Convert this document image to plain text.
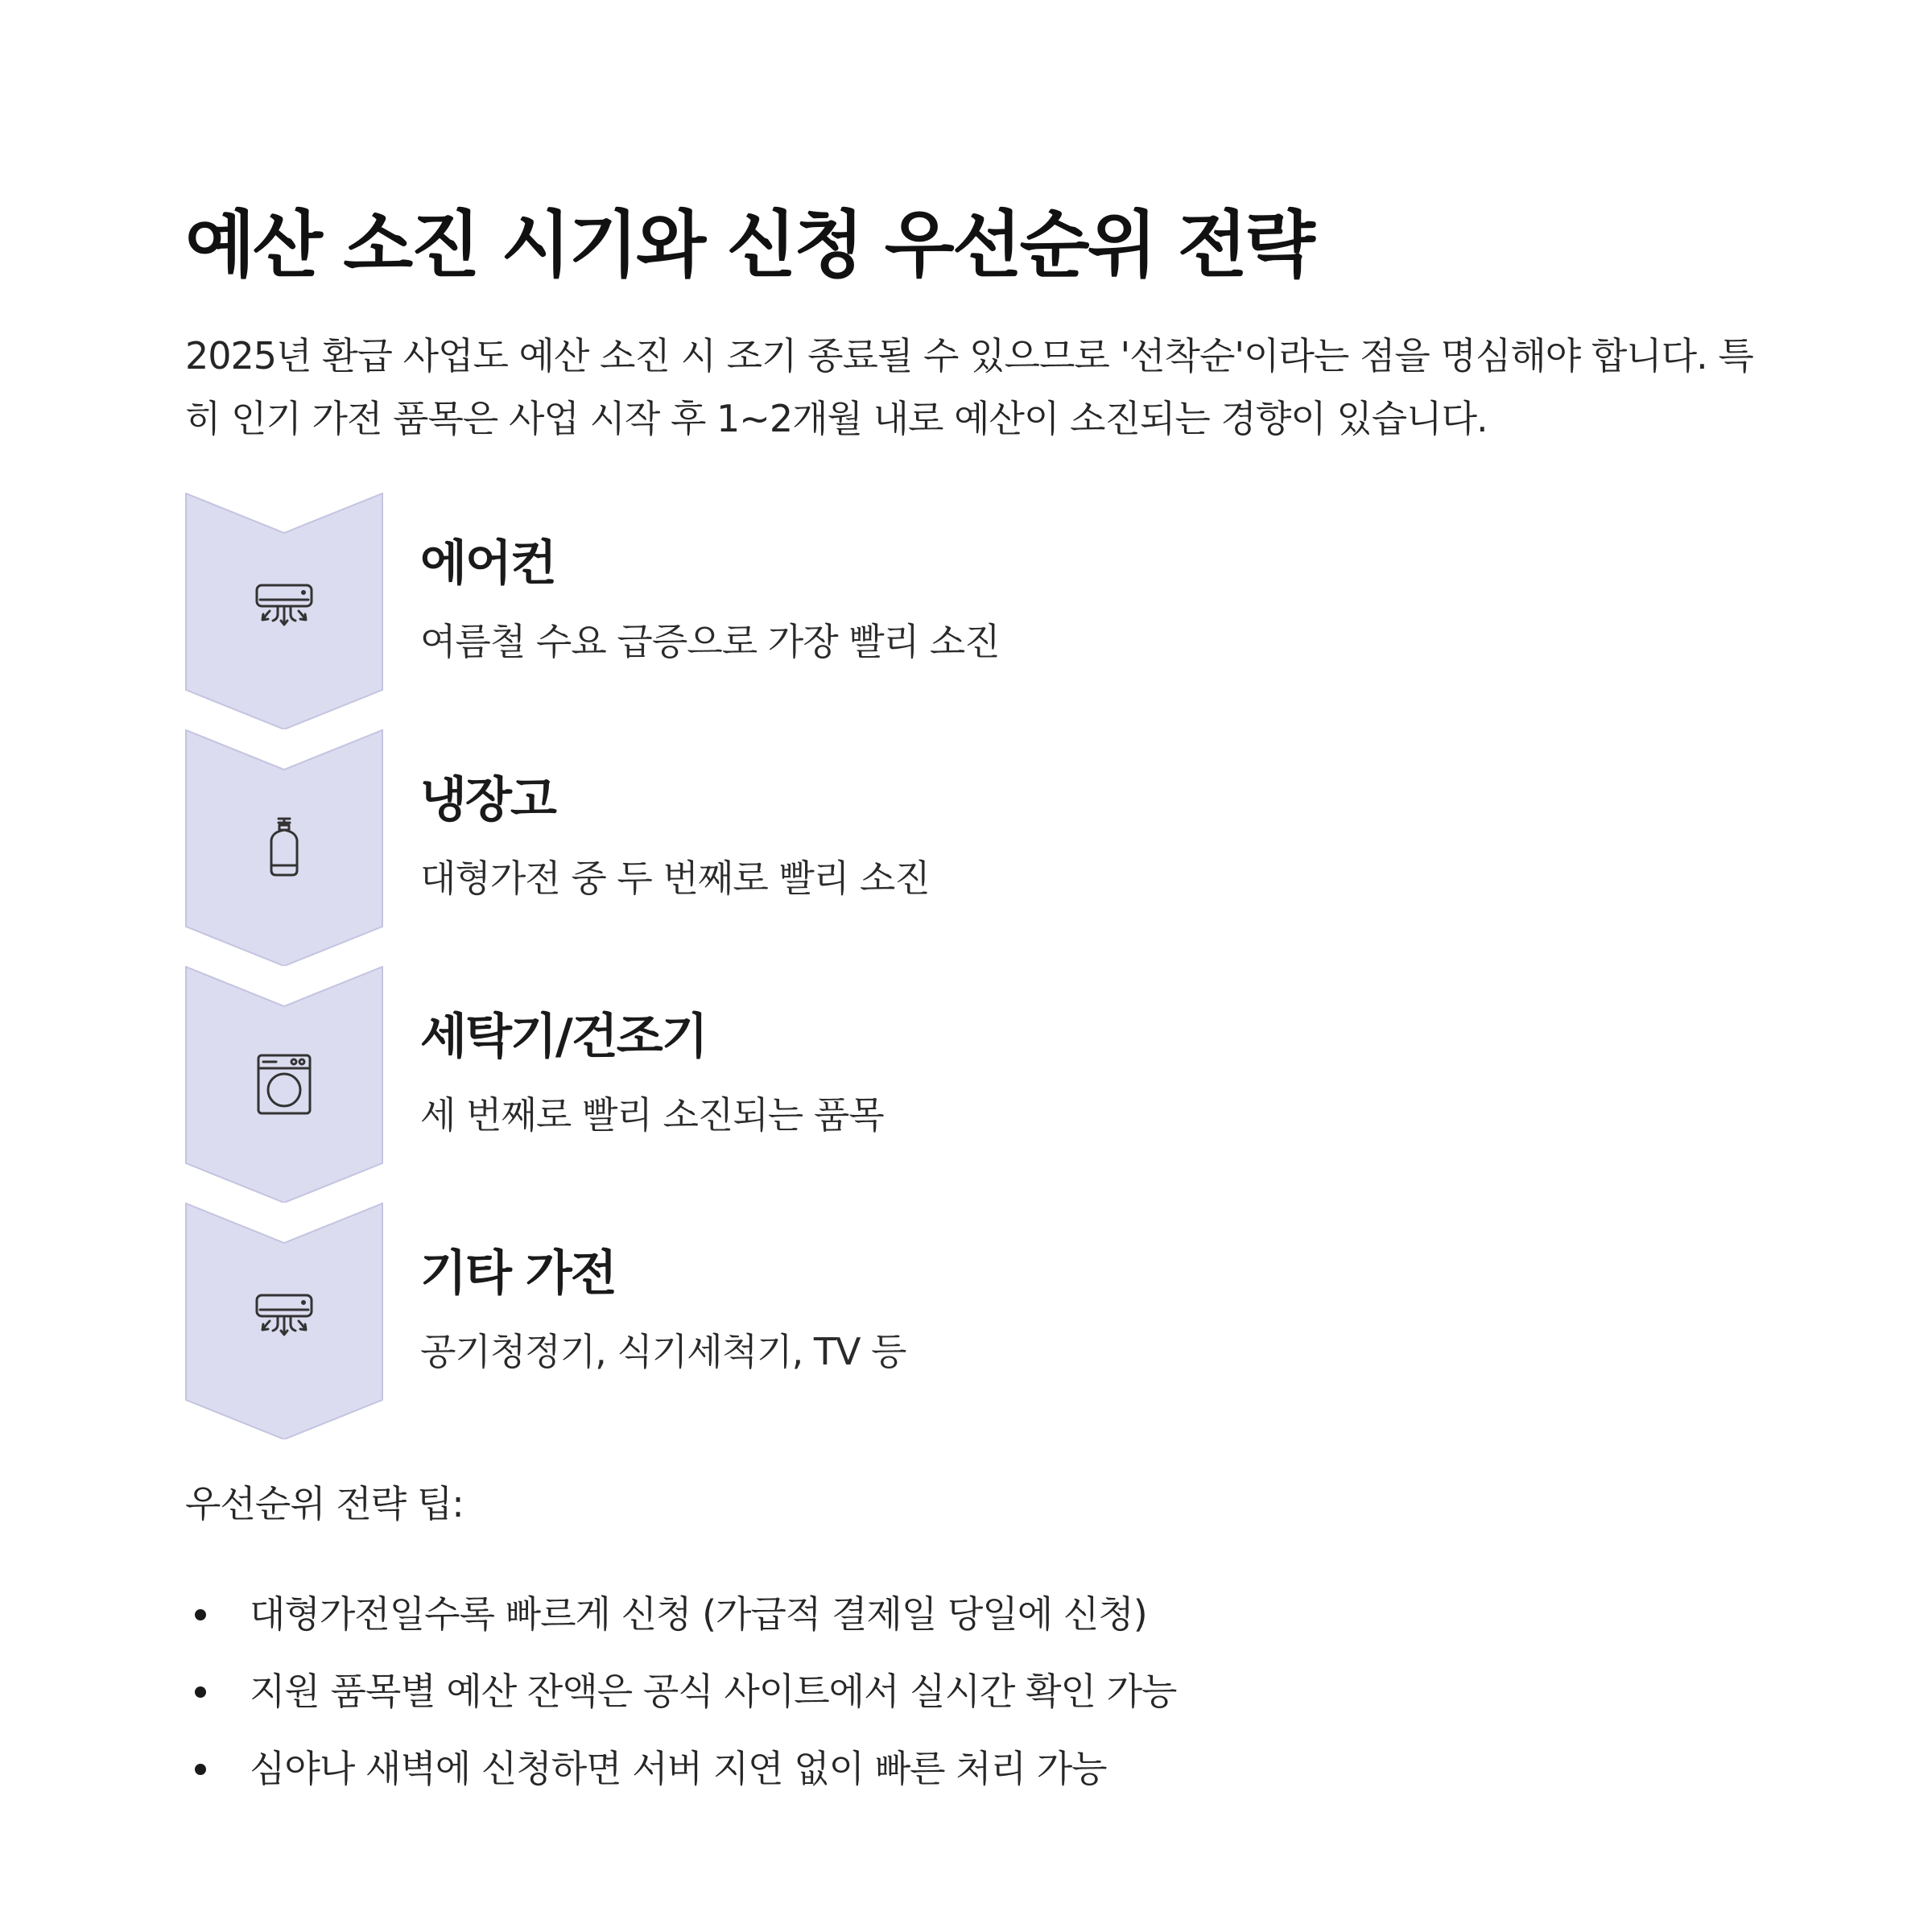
예산 소진 시기와 신청 우선순위 전략

2025년 환급 사업도 예산 소진 시 조기 종료될 수 있으므로 '선착순'이라는 점을 명심해야 합니다. 특히 인기 가전 품목은 사업 시작 후 1~2개월 내로 예산이 소진되는 경향이 있습니다.

에어컨
여름철 수요 급증으로 가장 빨리 소진
냉장고
대형가전 중 두 번째로 빨리 소진
세탁기/건조기
세 번째로 빨리 소진되는 품목
기타 가전
공기청정기, 식기세척기, TV 등
우선순위 전략 팁:
대형가전일수록 빠르게 신청 (가급적 결제일 당일에 신청)
지원 품목별 예산 잔액은 공식 사이트에서 실시간 확인 가능
심야나 새벽에 신청하면 서버 지연 없이 빠른 처리 가능
